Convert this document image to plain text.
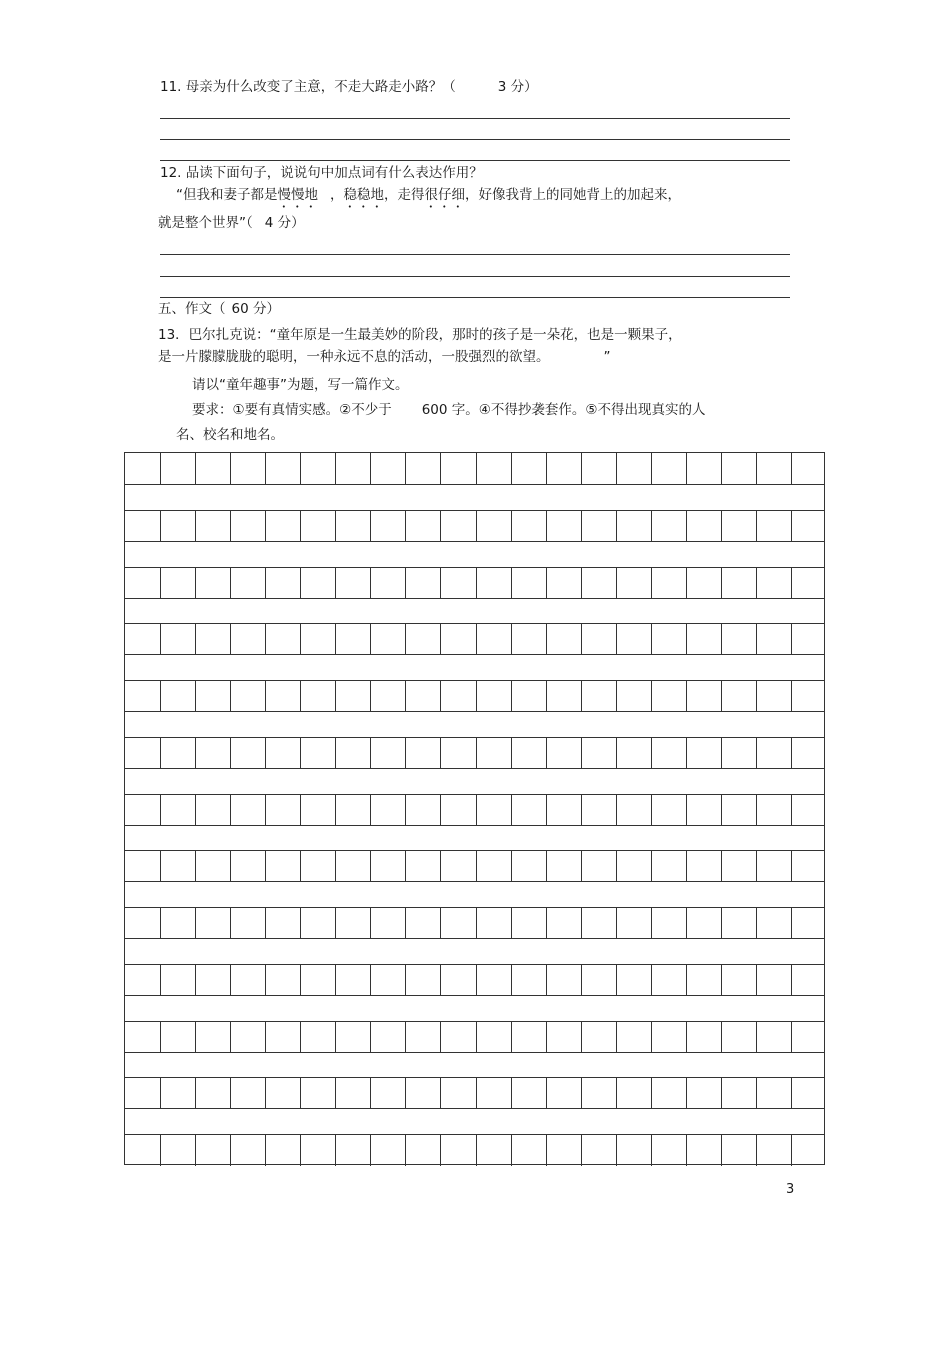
11. 母亲为什么改变了主意，不走大路走小路？（	3 分）
12. 品读下面句子，说说句中加点词有什么表达作用？
“但我和妻子都是慢慢地 ，稳稳地，走得很仔细，好像我背上的同她背上的加起来，
就是整个世界”（ 4 分）
五、作文（ 60 分）
13．巴尔扎克说：“童年原是一生最美妙的阶段，那时的孩子是一朵花，也是一颗果子，
是一片朦朦胧胧的聪明，一种永远不息的活动，一股强烈的欲望。	”
请以“童年趣事”为题，写一篇作文。
要求：①要有真情实感。②不少于 600 字。④不得抄袭套作。⑤不得出现真实的人
名、校名和地名。
3
